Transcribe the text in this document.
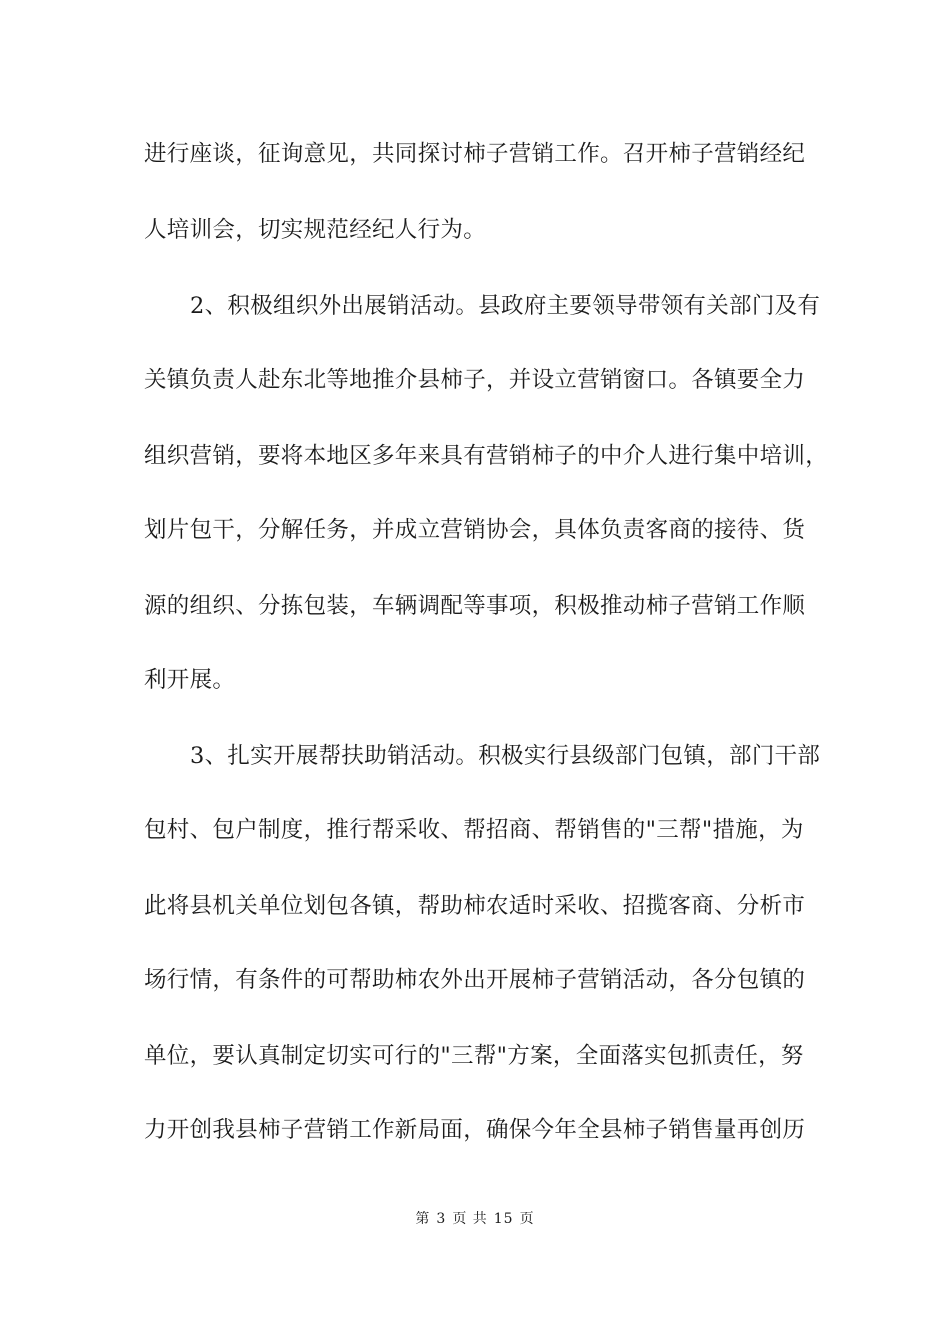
进行座谈，征询意见，共同探讨柿子营销工作。召开柿子营销经纪
人培训会，切实规范经纪人行为。
2、积极组织外出展销活动。县政府主要领导带领有关部门及有
关镇负责人赴东北等地推介县柿子，并设立营销窗口。各镇要全力
组织营销，要将本地区多年来具有营销柿子的中介人进行集中培训，
划片包干，分解任务，并成立营销协会，具体负责客商的接待、货
源的组织、分拣包装，车辆调配等事项，积极推动柿子营销工作顺
利开展。
3、扎实开展帮扶助销活动。积极实行县级部门包镇，部门干部
包村、包户制度，推行帮采收、帮招商、帮销售的"三帮"措施，为
此将县机关单位划包各镇，帮助柿农适时采收、招揽客商、分析市
场行情，有条件的可帮助柿农外出开展柿子营销活动，各分包镇的
单位，要认真制定切实可行的"三帮"方案，全面落实包抓责任，努
力开创我县柿子营销工作新局面，确保今年全县柿子销售量再创历
第 3 页 共 15 页
